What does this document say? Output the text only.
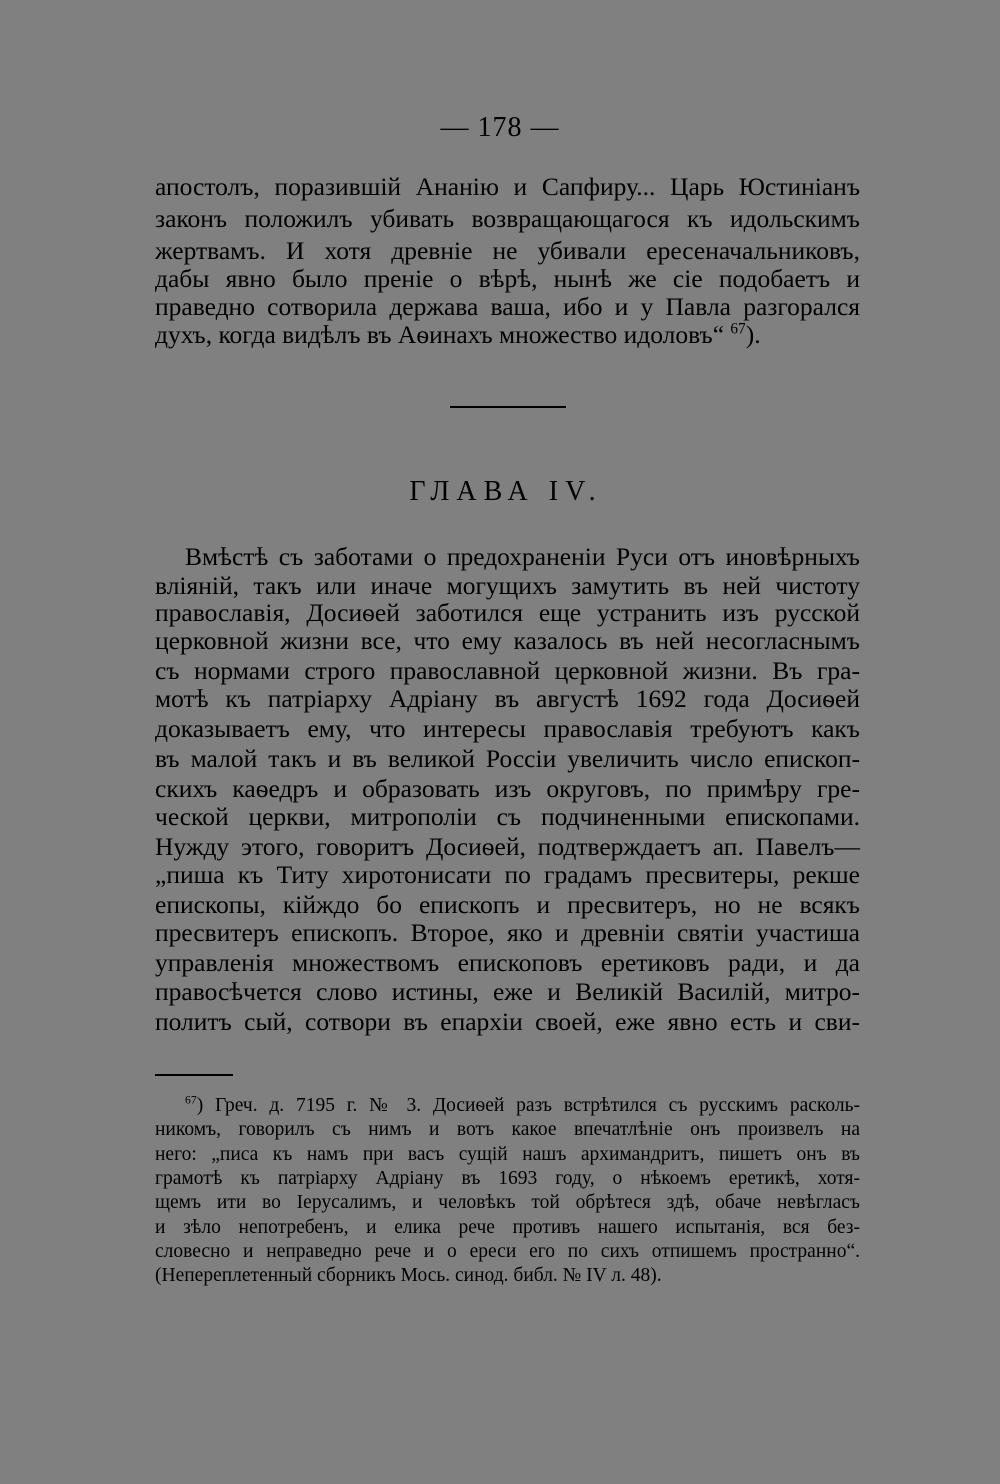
— 178 —
апостолъ, поразившій Ананію и Сапфиру... Царь Юстиніанъ
законъ положилъ убивать возвращающагося къ идольскимъ
жертвамъ. И хотя древніе не убивали ересеначальниковъ,
дабы явно было преніе о вѣрѣ, нынѣ же сіе подобаетъ и
праведно сотворила держава ваша, ибо и у Павла разгорался
духъ, когда видѣлъ въ Аѳинахъ множество идоловъ“ $^{67}$).
ГЛАВА IV.
Вмѣстѣ съ заботами о предохраненіи Руси отъ иновѣрныхъ
вліяній, такъ или иначе могущихъ замутить въ ней чистоту
православія, Досиѳей заботился еще устранить изъ русской
церковной жизни все, что ему казалось въ ней несогласнымъ
съ нормами строго православной церковной жизни. Въ гра-
мотѣ къ патріарху Адріану въ августѣ 1692 года Досиѳей
доказываетъ ему, что интересы православія требуютъ какъ
въ малой такъ и въ великой Россіи увеличить число епископ-
скихъ каѳедръ и образовать изъ округовъ, по примѣру гре-
ческой церкви, митрополіи съ подчиненными епископами.
Нужду этого, говоритъ Досиѳей, подтверждаетъ ап. Павелъ—
„пиша къ Титу хиротонисати по градамъ пресвитеры, рекше
епископы, кійждо бо епископъ и пресвитеръ, но не всякъ
пресвитеръ епископъ. Второе, яко и древніи святіи участиша
управленія множествомъ епископовъ еретиковъ ради, и да
правосѣчется слово истины, еже и Великій Василій, митро-
политъ сый, сотвори въ епархіи своей, еже явно есть и сви-
$^{67}$) Греч. д. 7195 г. № 3. Досиѳей разъ встрѣтился съ русскимъ расколь-
никомъ, говорилъ съ нимъ и вотъ какое впечатлѣніе онъ произвелъ на
него: „писа къ намъ при васъ сущій нашъ архимандритъ, пишетъ онъ въ
грамотѣ къ патріарху Адріану въ 1693 году, о нѣкоемъ еретикѣ, хотя-
щемъ ити во Іерусалимъ, и человѣкъ той обрѣтеся здѣ, обаче невѣгласъ
и зѣло непотребенъ, и елика рече противъ нашего испытанія, вся без-
словесно и неправедно рече и о ереси его по сихъ отпишемъ пространно“.
(Непереплетенный сборникъ Мось. синод. библ. № IV л. 48).
